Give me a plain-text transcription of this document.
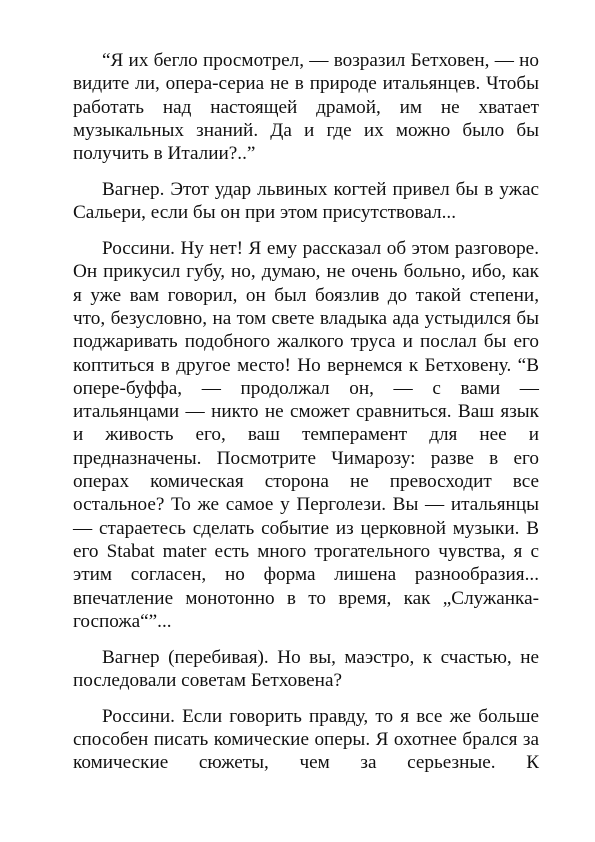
“Я их бегло просмотрел, — возразил Бетховен, — но видите ли, опера-сериа не в природе итальянцев. Чтобы работать над настоящей драмой, им не хватает музыкальных знаний. Да и где их можно было бы получить в Италии?..”

Вагнер. Этот удар львиных когтей привел бы в ужас Сальери, если бы он при этом присутствовал...

Россини. Ну нет! Я ему рассказал об этом разговоре. Он прикусил губу, но, думаю, не очень больно, ибо, как я уже вам говорил, он был боязлив до такой степени, что, безусловно, на том свете владыка ада устыдился бы поджаривать подобного жалкого труса и послал бы его коптиться в другое место! Но вернемся к Бетховену. “В опере-буффа, — продолжал он, — с вами — итальянцами — никто не сможет сравниться. Ваш язык и живость его, ваш темперамент для нее и предназначены. Посмотрите Чимарозу: разве в его операх комическая сторона не превосходит все остальное? То же самое у Перголези. Вы — итальянцы — стараетесь сделать событие из церковной музыки. В его Stabat mater есть много трогательного чувства, я с этим согласен, но форма лишена разнообразия... впечатление монотонно в то время, как „Служанка-госпожа“”...

Вагнер (перебивая). Но вы, маэстро, к счастью, не последовали советам Бетховена?

Россини. Если говорить правду, то я все же больше способен писать комические оперы. Я охотнее брался за комические сюжеты, чем за серьезные. К
